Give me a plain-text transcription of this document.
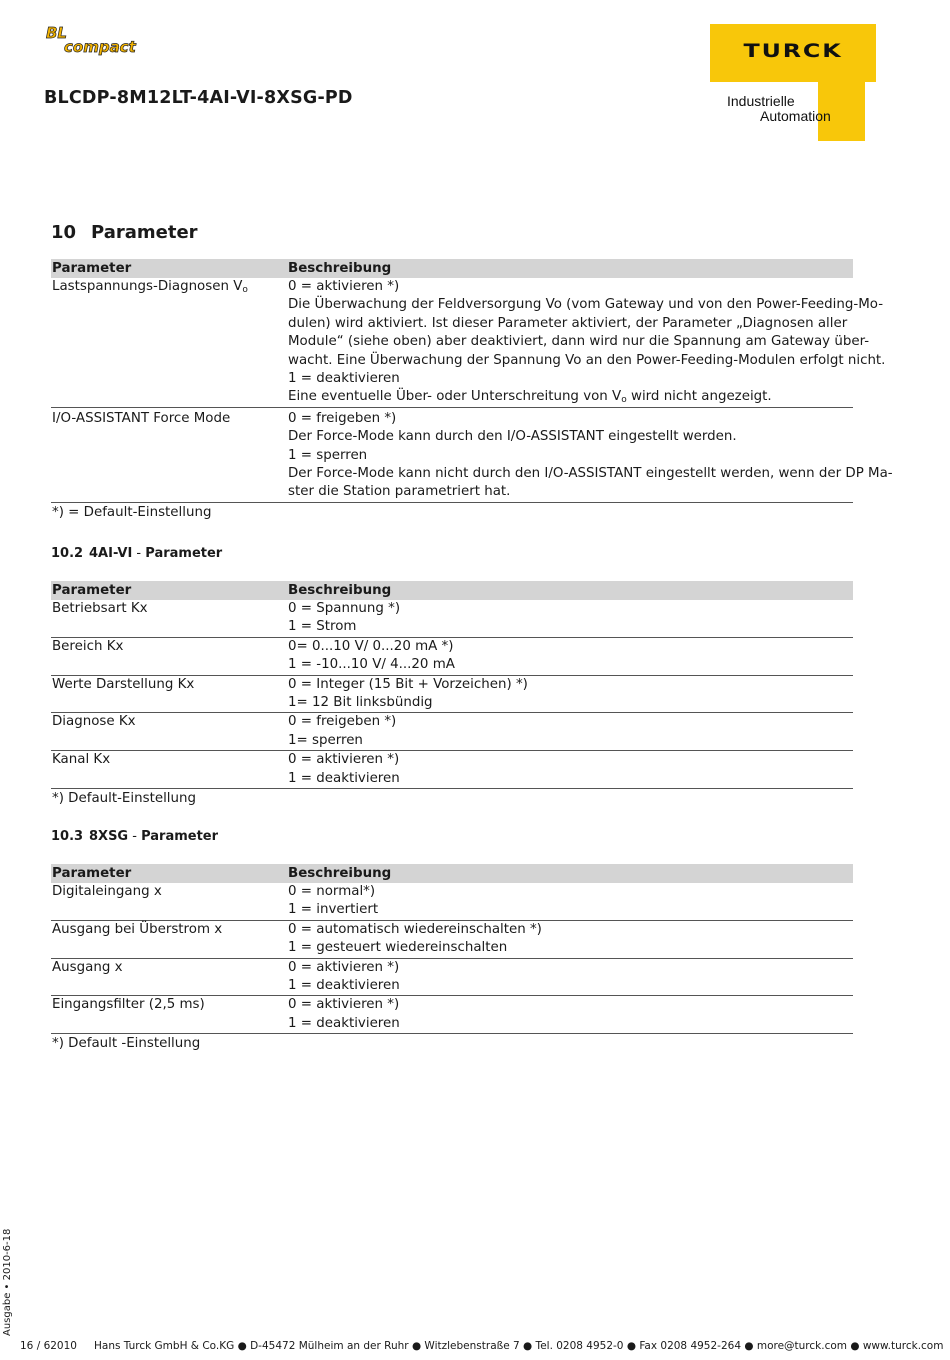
BL
compact
BLCDP-8M12LT-4AI-VI-8XSG-PD
TURCK
Industrielle
Automation
10 Parameter
Parameter	Beschreibung
Lastspannungs-Diagnosen $V_o$	0 = aktivieren *)
Die Überwachung der Feldversorgung Vo (vom Gateway und von den Power-Feeding-Mo-
dulen) wird aktiviert. Ist dieser Parameter aktiviert, der Parameter „Diagnosen aller
Module“ (siehe oben) aber deaktiviert, dann wird nur die Spannung am Gateway über-
wacht. Eine Überwachung der Spannung Vo an den Power-Feeding-Modulen erfolgt nicht.
1 = deaktivieren
Eine eventuelle Über- oder Unterschreitung von $V_o$ wird nicht angezeigt.
I/O-ASSISTANT Force Mode	0 = freigeben *)
Der Force-Mode kann durch den I/O-ASSISTANT eingestellt werden.
1 = sperren
Der Force-Mode kann nicht durch den I/O-ASSISTANT eingestellt werden, wenn der DP Ma-
ster die Station parametriert hat.
*) = Default-Einstellung
10.2 4AI-VI - Parameter
Parameter	Beschreibung
Betriebsart Kx	0 = Spannung *)
1 = Strom
Bereich Kx	0= 0...10 V/ 0...20 mA *)
1 = -10...10 V/ 4...20 mA
Werte Darstellung Kx	0 = Integer (15 Bit + Vorzeichen) *)
1= 12 Bit linksbündig
Diagnose Kx	0 = freigeben *)
1= sperren
Kanal Kx	0 = aktivieren *)
1 = deaktivieren
*) Default-Einstellung
10.3 8XSG - Parameter
Parameter	Beschreibung
Digitaleingang x	0 = normal*)
1 = invertiert
Ausgang bei Überstrom x	0 = automatisch wiedereinschalten *)
1 = gesteuert wiedereinschalten
Ausgang x	0 = aktivieren *)
1 = deaktivieren
Eingangsfilter (2,5 ms)	0 = aktivieren *)
1 = deaktivieren
*) Default -Einstellung
Ausgabe • 2010-6-18
16 / 62010 Hans Turck GmbH & Co.KG ● D-45472 Mülheim an der Ruhr ● Witzlebenstraße 7 ● Tel. 0208 4952-0 ● Fax 0208 4952-264 ● more@turck.com ● www.turck.com
